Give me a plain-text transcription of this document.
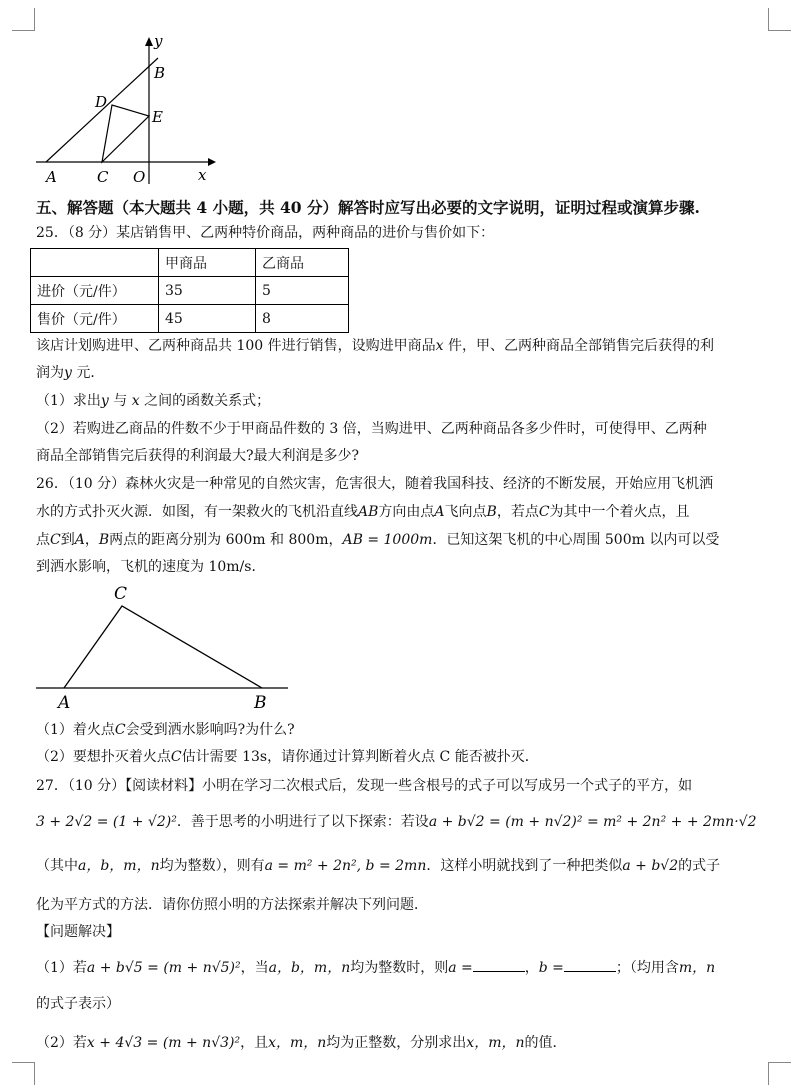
y
B
D
E
A	C O	x
五、解答题（本大题共 4 小题，共 40 分）解答时应写出必要的文字说明，证明过程或演算步骤.
25．（8 分）某店销售甲、乙两种特价商品，两种商品的进价与售价如下：
	甲商品	乙商品
进价（元/件）	35	5
售价（元/件）	45	8
该店计划购进甲、乙两种商品共 100 件进行销售，设购进甲商品x 件，甲、乙两种商品全部销售完后获得的利
润为y 元．
（1）求出y 与 x 之间的函数关系式；
（2）若购进乙商品的件数不少于甲商品件数的 3 倍，当购进甲、乙两种商品各多少件时，可使得甲、乙两种
商品全部销售完后获得的利润最大?最大利润是多少?
26．（10 分）森林火灾是一种常见的自然灾害，危害很大，随着我国科技、经济的不断发展，开始应用飞机洒
水的方式扑灭火源．如图，有一架救火的飞机沿直线AB方向由点A飞向点B，若点C为其中一个着火点，且
点C到A，B两点的距离分别为 600m 和 800m，AB = 1000m．已知这架飞机的中心周围 500m 以内可以受
到洒水影响，飞机的速度为 10m/s．
C
A	B
（1）着火点C会受到洒水影响吗?为什么?
（2）要想扑灭着火点C估计需要 13s，请你通过计算判断着火点 C 能否被扑灭．
27．（10 分）【阅读材料】小明在学习二次根式后，发现一些含根号的式子可以写成另一个式子的平方，如
3 + 2√2 = (1 + √2)²．善于思考的小明进行了以下探索：若设a + b√2 = (m + n√2)² = m² + 2n² + + 2mn·√2
（其中a，b，m，n均为整数），则有a = m² + 2n², b = 2mn．这样小明就找到了一种把类似a + b√2的式子
化为平方式的方法．请你仿照小明的方法探索并解决下列问题．
【问题解决】
（1）若a + b√5 = (m + n√5)²，当a，b，m，n均为整数时，则a =	，b =	；（均用含m，n
的式子表示）
（2）若x + 4√3 = (m + n√3)²，且x，m，n均为正整数，分别求出x，m，n的值．
